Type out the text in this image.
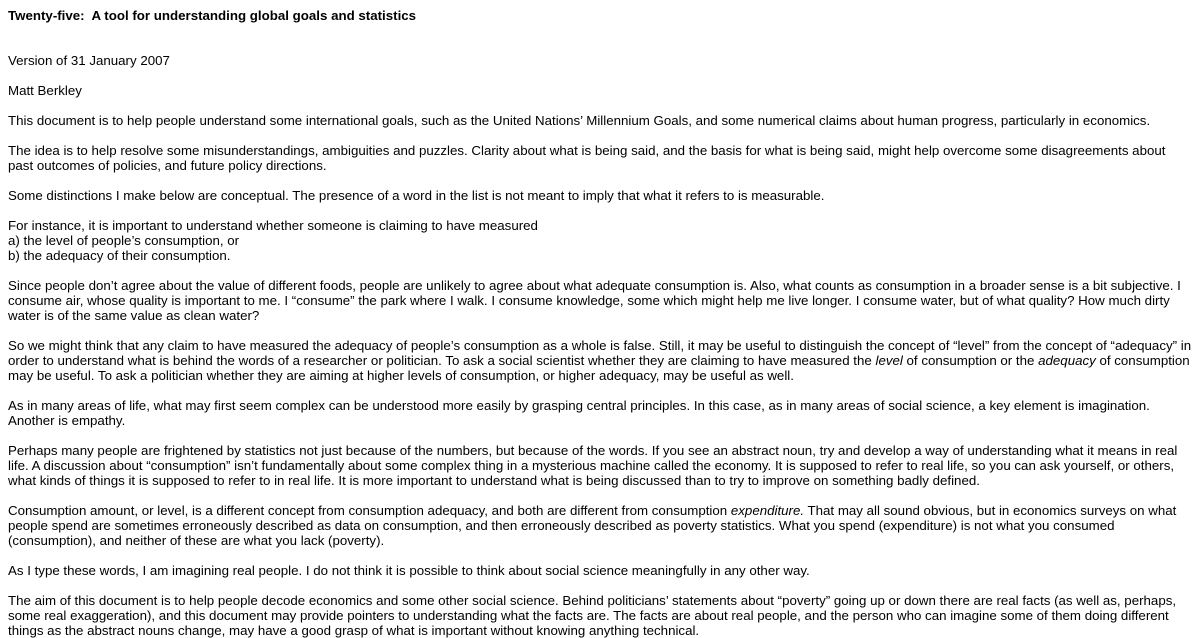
Twenty-five:  A tool for understanding global goals and statistics
Version of 31 January 2007
Matt Berkley
This document is to help people understand some international goals, such as the United Nations’ Millennium Goals, and some numerical claims about human progress, particularly in economics.
The idea is to help resolve some misunderstandings, ambiguities and puzzles. Clarity about what is being said, and the basis for what is being said, might help overcome some disagreements about past outcomes of policies, and future policy directions.
Some distinctions I make below are conceptual. The presence of a word in the list is not meant to imply that what it refers to is measurable.
For instance, it is important to understand whether someone is claiming to have measured
a) the level of people’s consumption, or
b) the adequacy of their consumption.
Since people don’t agree about the value of different foods, people are unlikely to agree about what adequate consumption is. Also, what counts as consumption in a broader sense is a bit subjective. I consume air, whose quality is important to me. I “consume” the park where I walk. I consume knowledge, some which might help me live longer. I consume water, but of what quality? How much dirty water is of the same value as clean water?
So we might think that any claim to have measured the adequacy of people’s consumption as a whole is false. Still, it may be useful to distinguish the concept of “level” from the concept of “adequacy” in order to understand what is behind the words of a researcher or politician. To ask a social scientist whether they are claiming to have measured the level of consumption or the adequacy of consumption may be useful. To ask a politician whether they are aiming at higher levels of consumption, or higher adequacy, may be useful as well.
As in many areas of life, what may first seem complex can be understood more easily by grasping central principles. In this case, as in many areas of social science, a key element is imagination. Another is empathy.
Perhaps many people are frightened by statistics not just because of the numbers, but because of the words. If you see an abstract noun, try and develop a way of understanding what it means in real life. A discussion about “consumption” isn’t fundamentally about some complex thing in a mysterious machine called the economy. It is supposed to refer to real life, so you can ask yourself, or others, what kinds of things it is supposed to refer to in real life. It is more important to understand what is being discussed than to try to improve on something badly defined.
Consumption amount, or level, is a different concept from consumption adequacy, and both are different from consumption expenditure. That may all sound obvious, but in economics surveys on what people spend are sometimes erroneously described as data on consumption, and then erroneously described as poverty statistics. What you spend (expenditure) is not what you consumed (consumption), and neither of these are what you lack (poverty).
As I type these words, I am imagining real people. I do not think it is possible to think about social science meaningfully in any other way.
The aim of this document is to help people decode economics and some other social science. Behind politicians’ statements about “poverty” going up or down there are real facts (as well as, perhaps, some real exaggeration), and this document may provide pointers to understanding what the facts are. The facts are about real people, and the person who can imagine some of them doing different things as the abstract nouns change, may have a good grasp of what is important without knowing anything technical.
